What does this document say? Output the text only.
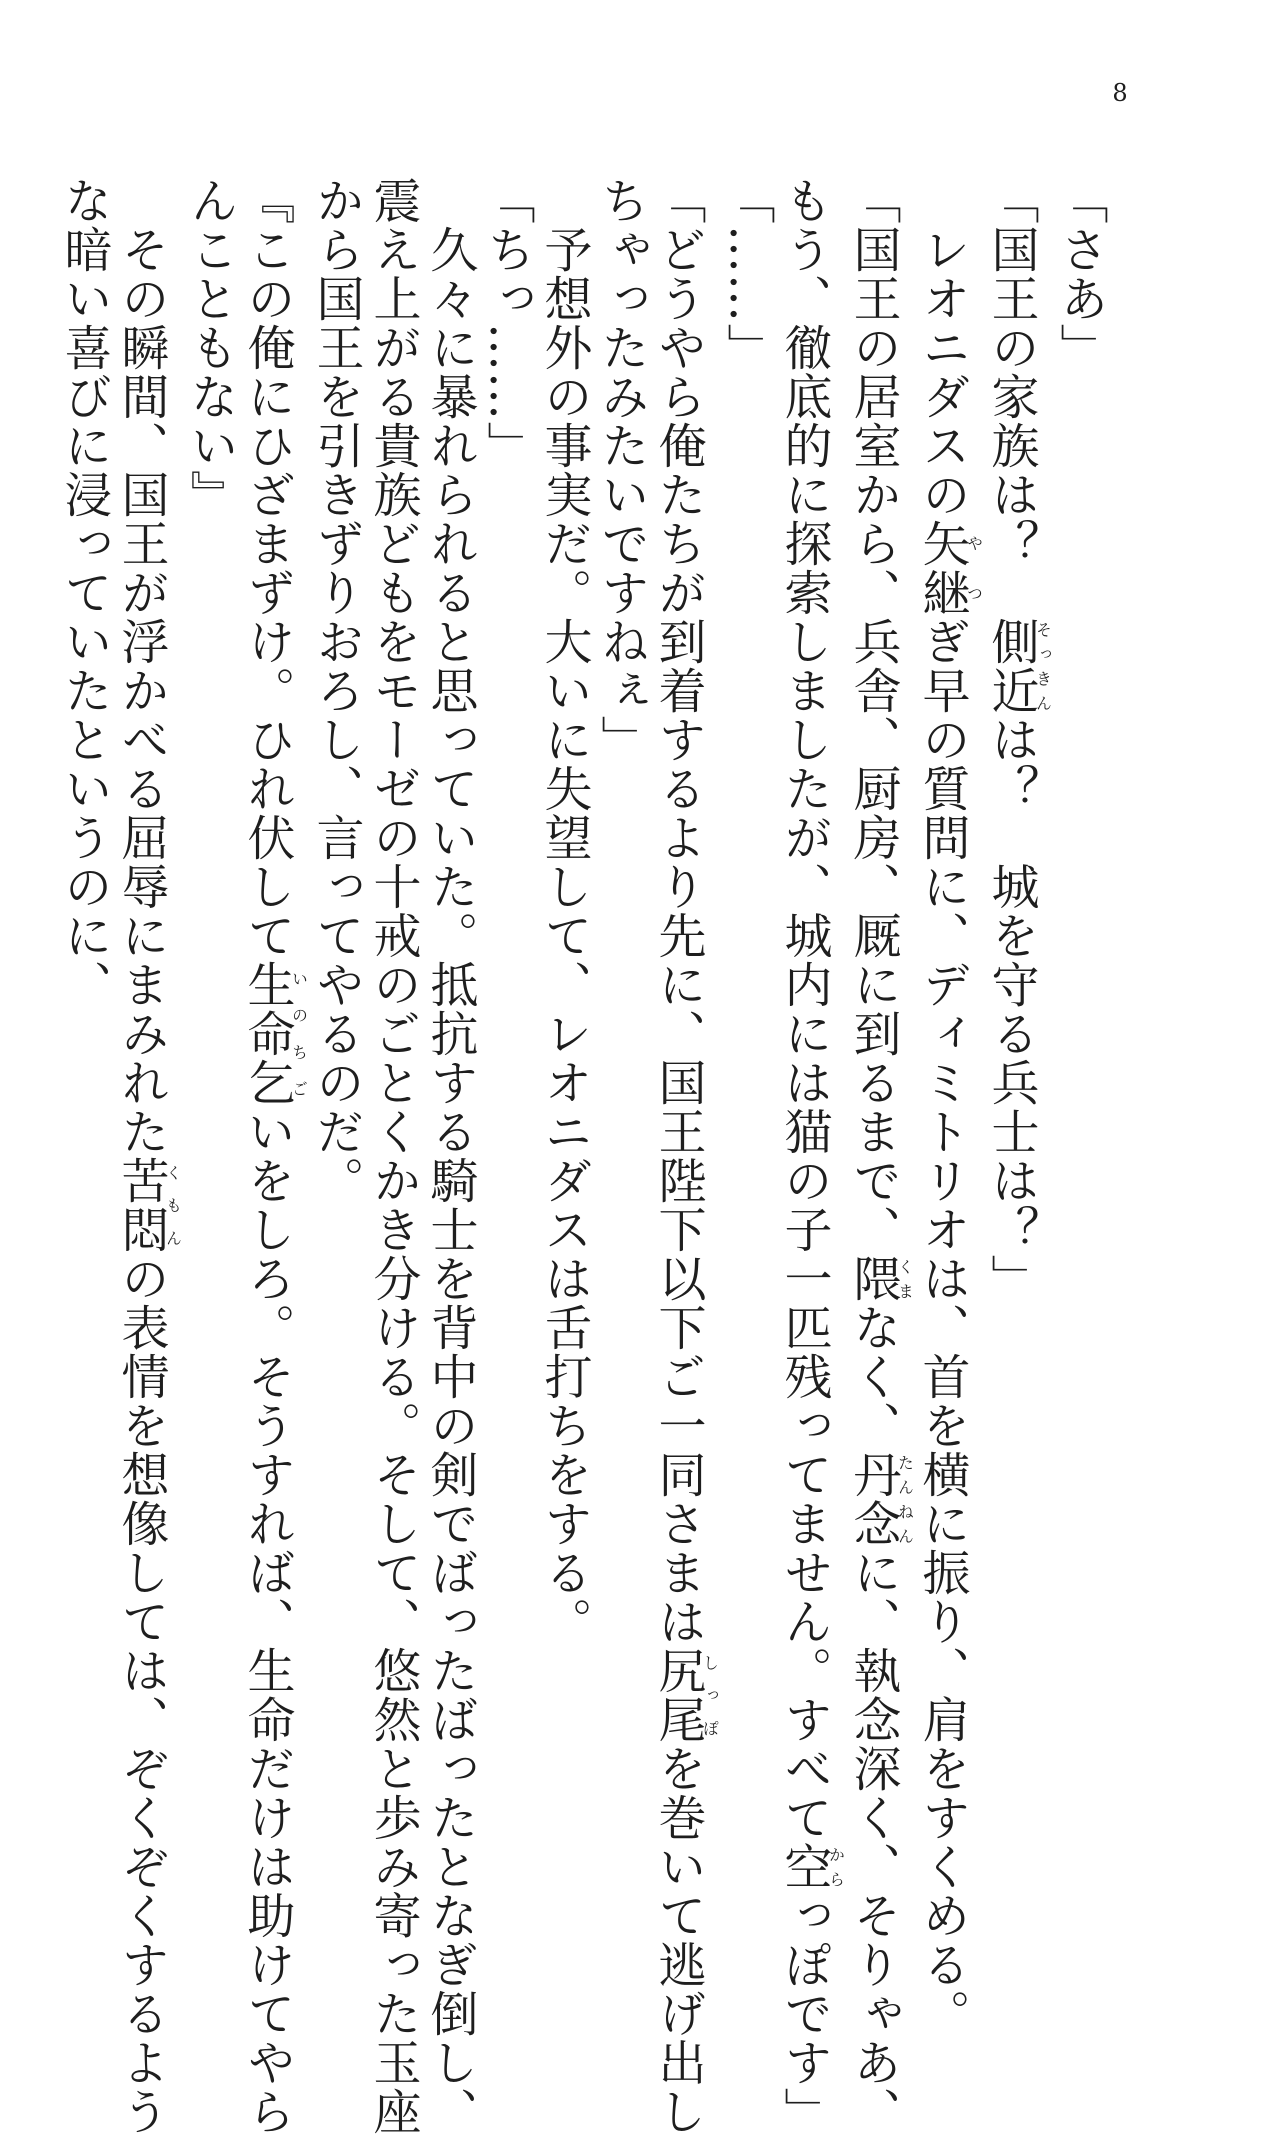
8
「さあ」
「国王の家族は？　側近そっきんは？　城を守る兵士は？」
　レオニダスの矢継やつぎ早の質問に、ディミトリオは、首を横に振り、肩をすくめる。
「国王の居室から、兵舎、厨房、厩に到るまで、隈くまなく、丹念たんねんに、執念深く、そりゃあ、
もう、徹底的に探索しましたが、城内には猫の子一匹残ってません。すべて空からっぽです」
「……」
「どうやら俺たちが到着するより先に、国王陛下以下ご一同さまは尻尾しっぽを巻いて逃げ出し
ちゃったみたいですねぇ」
　予想外の事実だ。大いに失望して、レオニダスは舌打ちをする。
「ちっ……」
　久々に暴れられると思っていた。抵抗する騎士を背中の剣でばったばったとなぎ倒し、
震え上がる貴族どもをモーゼの十戒のごとくかき分ける。そして、悠然と歩み寄った玉座
から国王を引きずりおろし、言ってやるのだ。
『この俺にひざまずけ。ひれ伏して生命乞いのちごいをしろ。そうすれば、生命だけは助けてやら
んこともない』
　その瞬間、国王が浮かべる屈辱にまみれた苦悶くもんの表情を想像しては、ぞくぞくするよう
な暗い喜びに浸っていたというのに、
